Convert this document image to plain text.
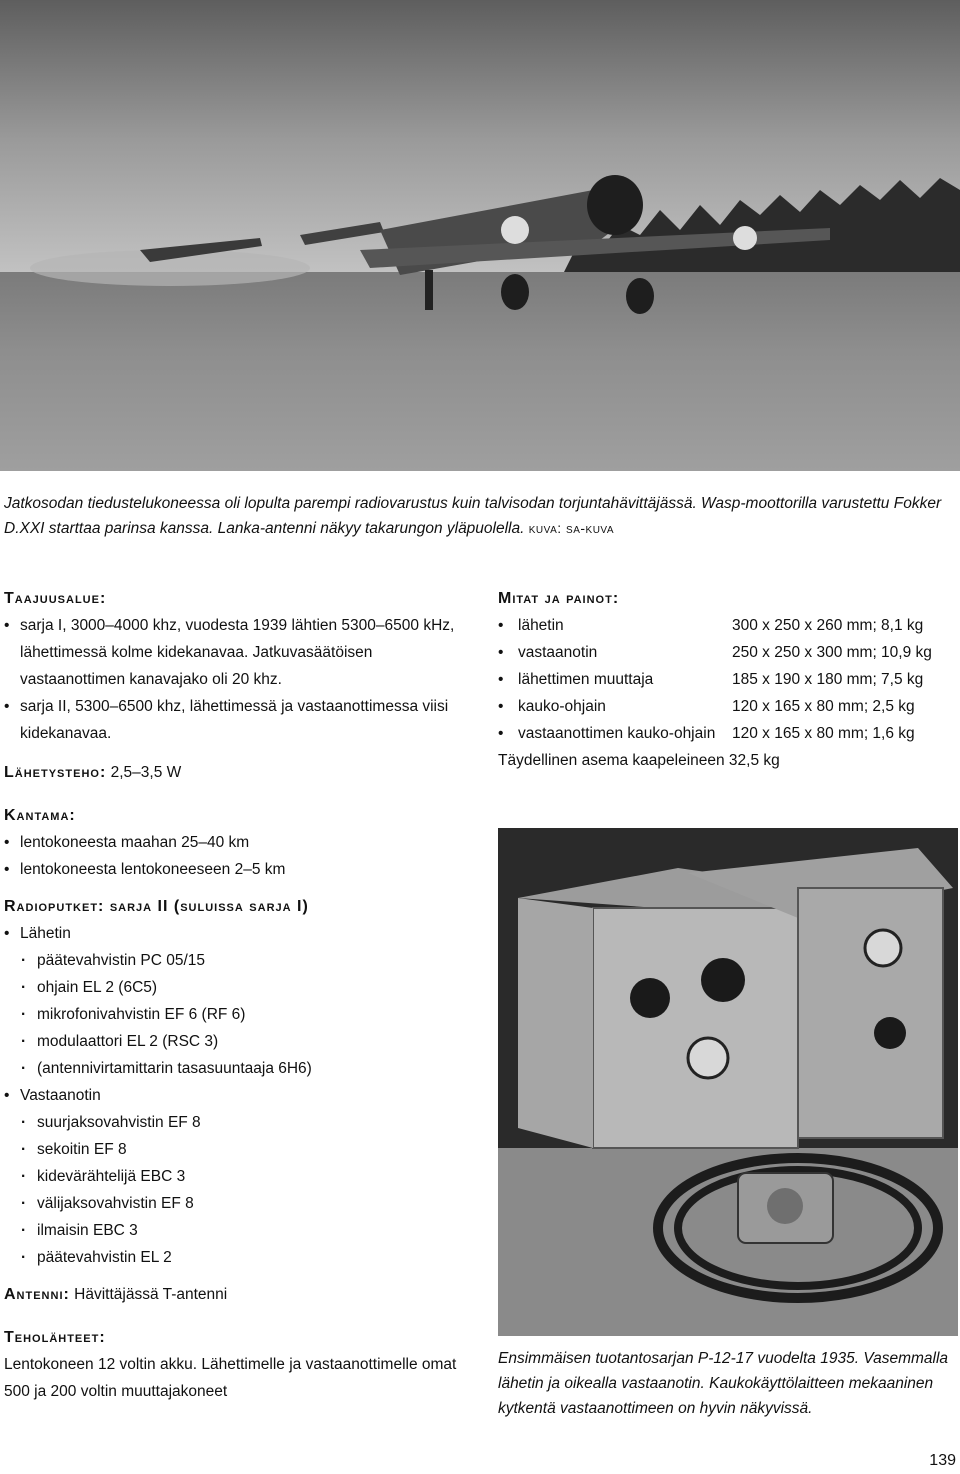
Jatkosodan tiedustelukoneessa oli lopulta parempi radiovarustus kuin talvisodan torjuntahävittäjässä. Wasp-moottorilla varustettu Fokker D.XXI starttaa parinsa kanssa. Lanka-antenni näkyy takarungon yläpuolella. kuva: sa-kuva
Taajuusalue:
• sarja I, 3000–4000 khz, vuodesta 1939 lähtien 5300–6500 kHz, lähettimessä kolme kidekanavaa. Jatkuvasäätöisen vastaanottimen kanavajako oli 20 khz.
• sarja II, 5300–6500 khz, lähettimessä ja vastaanottimessa viisi kidekanavaa.
Lähetysteho: 2,5–3,5 W
Kantama:
• lentokoneesta maahan 25–40 km
• lentokoneesta lentokoneeseen 2–5 km
Radioputket: sarja II (suluissa sarja I)
• Lähetin
· päätevahvistin PC 05/15
· ohjain EL 2 (6C5)
· mikrofonivahvistin EF 6 (RF 6)
· modulaattori EL 2 (RSC 3)
· (antennivirtamittarin tasasuuntaaja 6H6)
• Vastaanotin
· suurjaksovahvistin EF 8
· sekoitin EF 8
· kidevärähtelijä EBC 3
· välijaksovahvistin EF 8
· ilmaisin EBC 3
· päätevahvistin EL 2
Antenni: Hävittäjässä T-antenni
Teholähteet:
Lentokoneen 12 voltin akku. Lähettimelle ja vastaanottimelle omat 500 ja 200 voltin muuttajakoneet
Mitat ja painot:
• lähetin	300 x 250 x 260 mm; 8,1 kg
• vastaanotin	250 x 250 x 300 mm; 10,9 kg
• lähettimen muuttaja	185 x 190 x 180 mm; 7,5 kg
• kauko-ohjain	120 x 165 x 80 mm; 2,5 kg
• vastaanottimen kauko-ohjain	120 x 165 x 80 mm; 1,6 kg
Täydellinen asema kaapeleineen 32,5 kg
Ensimmäisen tuotantosarjan P-12-17 vuodelta 1935. Vasemmalla lähetin ja oikealla vastaanotin. Kaukokäyttölaitteen mekaaninen kytkentä vastaanottimeen on hyvin näkyvissä.
139
